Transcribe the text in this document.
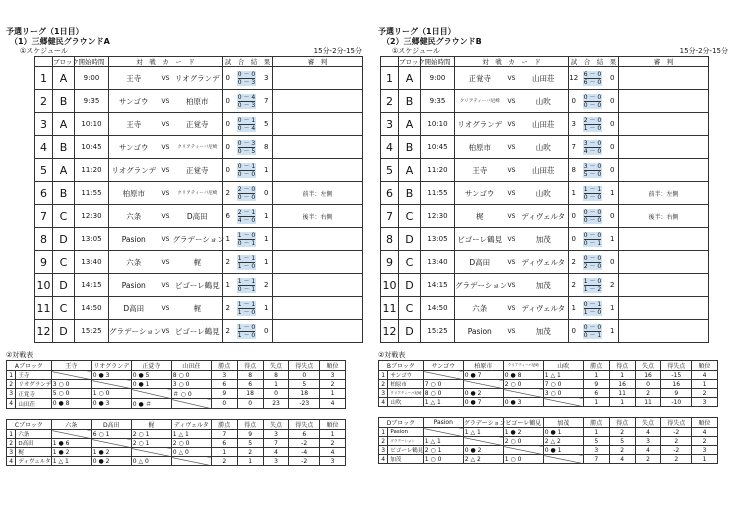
予選リーグ（1日目）
（1）三郷健民グラウンドA
①スケジュール	15分-2分-15分
	ブロック	開始時間	対　戦　カ　ー　ド			試　合　結　果			審　判
1	A	9:00	王寺	VS	リオグランデ	0	$\frac{0 - 0}{0 - 3}$	3	
2	B	9:35	サンゴウ	VS	柏原市	0	$\frac{0 - 4}{0 - 3}$	7	
3	A	10:10	王寺	VS	正覚寺	0	$\frac{0 - 1}{0 - 4}$	5	
4	B	10:45	サンゴウ	VS	クリアティーバ尼崎	0	$\frac{0 - 3}{0 - 5}$	8	
5	A	11:20	リオグランデ	VS	正覚寺	0	$\frac{0 - 1}{0 - 0}$	1	
6	B	11:55	柏原市	VS	クリアティーバ尼崎	2	$\frac{2 - 0}{0 - 0}$	0	前半：左側
7	C	12:30	六条	VS	D高田	6	$\frac{2 - 1}{4 - 0}$	1	後半：右側
8	D	13:05	Pasion	VS	グラデーション	1	$\frac{1 - 0}{0 - 1}$	1	
9	C	13:40	六条	VS	梶	2	$\frac{1 - 1}{1 - 0}$	1	
10	D	14:15	Pasion	VS	ビゴーレ鶴見	1	$\frac{1 - 1}{0 - 1}$	2	
11	C	14:50	D高田	VS	梶	2	$\frac{1 - 1}{1 - 0}$	1	
12	D	15:25	グラデーション	VS	ビゴーレ鶴見	2	$\frac{1 - 0}{1 - 0}$	0	
②対戦表
Aブロック		王寺	リオグランデ	正覚寺	山田荘	勝点	得点	失点	得失点	順位
1	王寺		0 ● 3	0 ● 5	8 ○ 0	3	8	8	0	3
2	リオグランデ	3 ○ 0		0 ● 1	3 ○ 0	6	6	1	5	2
3	正覚寺	5 ○ 0	1 ○ 0		＃ ○ 0	9	18	0	18	1
4	山田荘	0 ● 8	0 ● 3	0 ● ＃		0	0	23	-23	4
Cブロック		六条	D高田	梶	ディヴェルタ	勝点	得点	失点	得失点	順位
1	六条		6 ○ 1	2 ○ 1	1 △ 1	7	9	3	6	1
2	D高田	1 ● 6		2 ○ 1	2 ○ 0	6	5	7	-2	2
3	梶	1 ● 2	1 ● 2		0 △ 0	1	2	4	-4	4
4	ディヴェルタ	1 △ 1	0 ● 2	0 △ 0		2	1	3	-2	3
予選リーグ（1日目）
（2）三郷健民グラウンドB
①スケジュール	15分-2分-15分
	ブロック	開始時間	対　戦　カ　ー　ド			試　合　結　果			審　判
1	A	9:00	正覚寺	VS	山田荘	12	$\frac{6 - 0}{6 - 0}$	0	
2	B	9:35	クリアティーバ尼崎	VS	山吹	0	$\frac{0 - 0}{0 - 0}$	0	
3	A	10:10	リオグランデ	VS	山田荘	3	$\frac{2 - 0}{1 - 0}$	0	
4	B	10:45	柏原市	VS	山吹	7	$\frac{3 - 0}{4 - 0}$	0	
5	A	11:20	王寺	VS	山田荘	8	$\frac{3 - 0}{5 - 0}$	0	
6	B	11:55	サンゴウ	VS	山吹	1	$\frac{1 - 1}{0 - 0}$	1	前半：左側
7	C	12:30	梶	VS	ディヴェルタ	0	$\frac{0 - 0}{0 - 0}$	0	後半：右側
8	D	13:05	ビゴーレ鶴見	VS	加茂	0	$\frac{0 - 0}{0 - 1}$	1	
9	C	13:40	D高田	VS	ディヴェルタ	2	$\frac{0 - 0}{2 - 0}$	0	
10	D	14:15	グラデーション	VS	加茂	2	$\frac{1 - 0}{1 - 2}$	2	
11	C	14:50	六条	VS	ディヴェルタ	1	$\frac{0 - 1}{1 - 0}$	1	
12	D	15:25	Pasion	VS	加茂	0	$\frac{0 - 0}{0 - 1}$	1	
②対戦表
Bブロック		サンゴウ	柏原市	クリアティーバ尼崎	山吹	勝点	得点	失点	得失点	順位
1	サンゴウ		0 ● 7	0 ● 8	1 △ 1	1	1	16	-15	4
2	柏原市	7 ○ 0		2 ○ 0	7 ○ 0	9	16	0	16	1
3	クリアティーバ尼崎	8 ○ 0	0 ● 2		3 ○ 0	6	11	2	9	2
4	山吹	1 △ 1	0 ● 7	0 ● 3		1	1	11	-10	3
Dブロック		Pasion	グラデーション	ビゴーレ鶴見	加茂	勝点	得点	失点	得失点	順位
1	Pasion		1 △ 1	1 ● 2	0 ● 1	1	2	4	-2	4
2	グラデーション	1 △ 1		2 ○ 0	2 △ 2	5	5	3	2	2
3	ビゴーレ鶴見	2 ○ 1	0 ● 2		0 ● 1	3	2	4	-2	3
4	加茂	1 ○ 0	2 △ 2	1 ○ 0		7	4	2	2	1
